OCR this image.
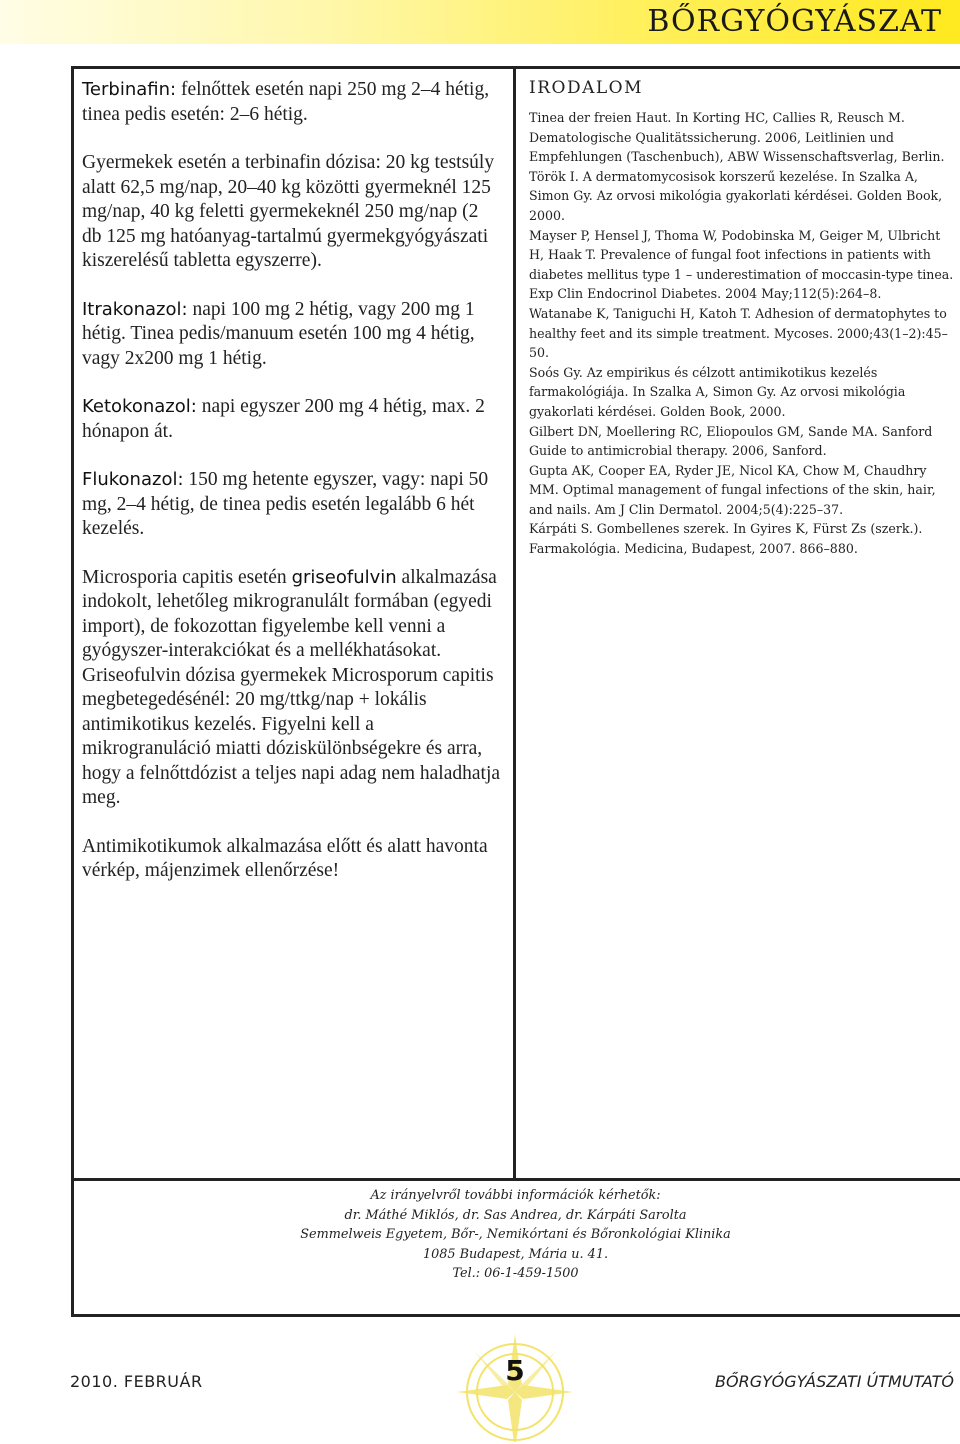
BŐRGYÓGYÁSZAT

Terbinafin: felnőttek esetén napi 250 mg 2–4 hétig, tinea pedis esetén: 2–6 hétig.

Gyermekek esetén a terbinafin dózisa: 20 kg testsúly alatt 62,5 mg/nap, 20–40 kg közötti gyermeknél 125 mg/nap, 40 kg feletti gyermekeknél 250 mg/nap (2 db 125 mg hatóanyag-tartalmú gyermekgyógyászati kiszerelésű tabletta egyszerre).

Itrakonazol: napi 100 mg 2 hétig, vagy 200 mg 1 hétig. Tinea pedis/manuum esetén 100 mg 4 hétig, vagy 2x200 mg 1 hétig.

Ketokonazol: napi egyszer 200 mg 4 hétig, max. 2 hónapon át.

Flukonazol: 150 mg hetente egyszer, vagy: napi 50 mg, 2–4 hétig, de tinea pedis esetén legalább 6 hét kezelés.

Microsporia capitis esetén griseofulvin alkalmazása indokolt, lehetőleg mikrogranulált formában (egyedi import), de fokozottan figyelembe kell venni a gyógyszer-interakciókat és a mellékhatásokat. Griseofulvin dózisa gyermekek Microsporum capitis megbetegedésénél: 20 mg/ttkg/nap + lokális antimikotikus kezelés. Figyelni kell a mikrogranuláció miatti dóziskülönbségekre és arra, hogy a felnőttdózist a teljes napi adag nem haladhatja meg.

Antimikotikumok alkalmazása előtt és alatt havonta vérkép, májenzimek ellenőrzése!

IRODALOM

Tinea der freien Haut. In Korting HC, Callies R, Reusch M. Dematologische Qualitätssicherung. 2006, Leitlinien und Empfehlungen (Taschenbuch), ABW Wissenschaftsverlag, Berlin.

Török I. A dermatomycosisok korszerű kezelése. In Szalka A, Simon Gy. Az orvosi mikológia gyakorlati kérdései. Golden Book, 2000.

Mayser P, Hensel J, Thoma W, Podobinska M, Geiger M, Ulbricht H, Haak T. Prevalence of fungal foot infections in patients with diabetes mellitus type 1 – underestimation of moccasin-type tinea. Exp Clin Endocrinol Diabetes. 2004 May;112(5):264–8.

Watanabe K, Taniguchi H, Katoh T. Adhesion of dermatophytes to healthy feet and its simple treatment. Mycoses. 2000;43(1–2):45–50.

Soós Gy. Az empirikus és célzott antimikotikus kezelés farmakológiája. In Szalka A, Simon Gy. Az orvosi mikológia gyakorlati kérdései. Golden Book, 2000.

Gilbert DN, Moellering RC, Eliopoulos GM, Sande MA. Sanford Guide to antimicrobial therapy. 2006, Sanford.

Gupta AK, Cooper EA, Ryder JE, Nicol KA, Chow M, Chaudhry MM. Optimal management of fungal infections of the skin, hair, and nails. Am J Clin Dermatol. 2004;5(4):225–37.

Kárpáti S. Gombellenes szerek. In Gyires K, Fürst Zs (szerk.). Farmakológia. Medicina, Budapest, 2007. 866–880.

Az irányelvről további információk kérhetők:
dr. Máthé Miklós, dr. Sas Andrea, dr. Kárpáti Sarolta
Semmelweis Egyetem, Bőr-, Nemikórtani és Bőronkológiai Klinika
1085 Budapest, Mária u. 41.
Tel.: 06-1-459-1500
2010. FEBRUÁR	5	BŐRGYÓGYÁSZATI ÚTMUTATÓ
